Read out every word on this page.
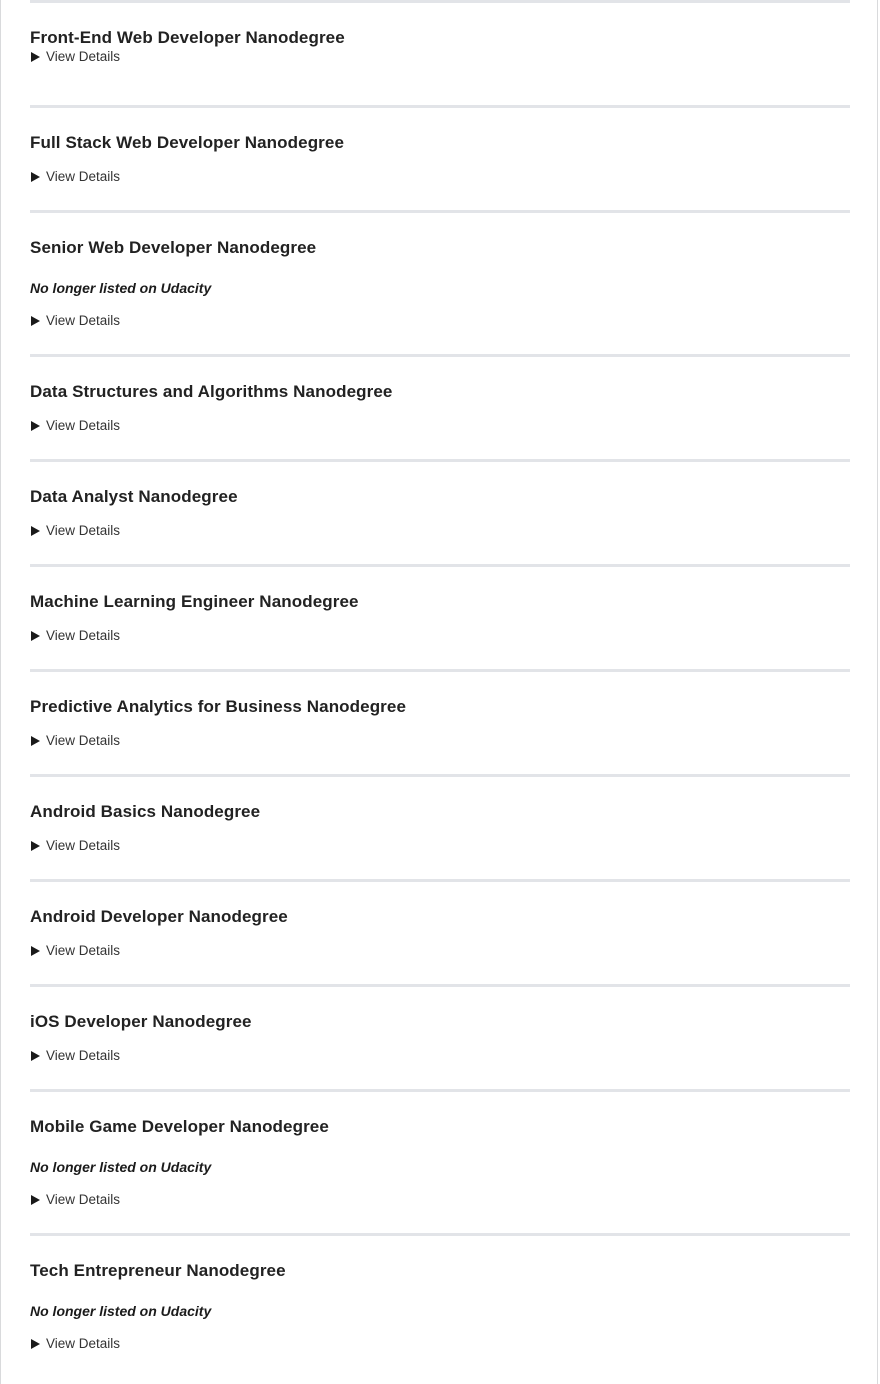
Front-End Web Developer Nanodegree
View Details
Full Stack Web Developer Nanodegree
View Details
Senior Web Developer Nanodegree
No longer listed on Udacity
View Details
Data Structures and Algorithms Nanodegree
View Details
Data Analyst Nanodegree
View Details
Machine Learning Engineer Nanodegree
View Details
Predictive Analytics for Business Nanodegree
View Details
Android Basics Nanodegree
View Details
Android Developer Nanodegree
View Details
iOS Developer Nanodegree
View Details
Mobile Game Developer Nanodegree
No longer listed on Udacity
View Details
Tech Entrepreneur Nanodegree
No longer listed on Udacity
View Details
